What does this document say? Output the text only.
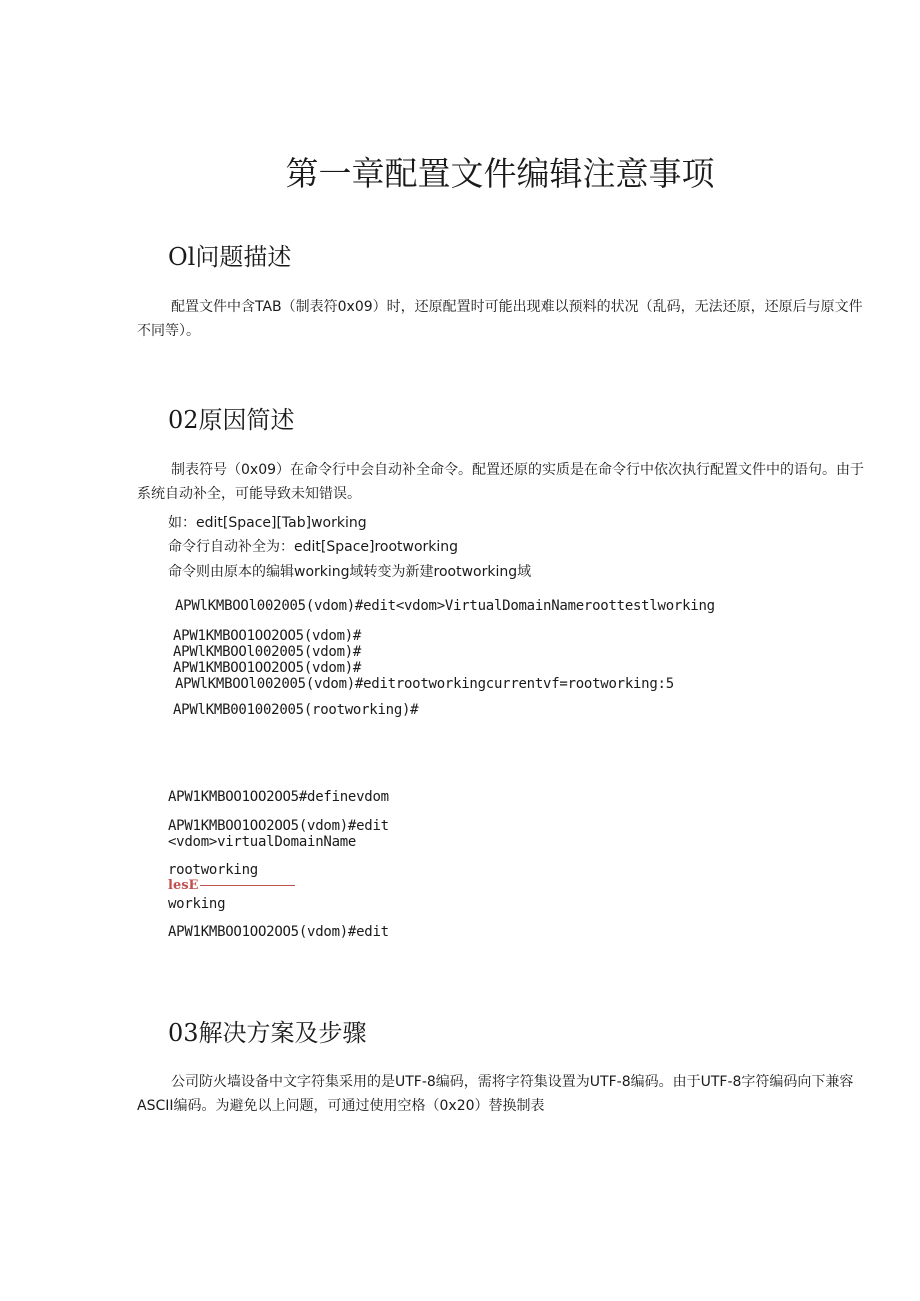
第一章配置文件编辑注意事项
Ol问题描述
配置文件中含TAB（制表符0x09）时，还原配置时可能出现难以预料的状况（乱码，无法还原，还原后与原文件不同等）。
02原因简述
制表符号（0x09）在命令行中会自动补全命令。配置还原的实质是在命令行中依次执行配置文件中的语句。由于系统自动补全，可能导致未知错误。
如：edit[Space][Tab]working
命令行自动补全为：edit[Space]rootworking
命令则由原本的编辑working域转变为新建rootworking域
APWlKMBOOl002005(vdom)#edit<vdom>VirtualDomainNameroottestlworking
APW1KMBOO1OO2OO5(vdom)#
APWlKMBOOl002005(vdom)#
APW1KMBOO1OO2OO5(vdom)#
APWlKMBOOl002005(vdom)#editrootworkingcurrentvf=rootworking:5
APWlKMB001002005(rootworking)#
APW1KMBOO1OO2OO5#definevdom
APW1KMBOO1OO2OO5(vdom)#edit
<vdom>virtualDomainName
rootworking
lesE
working
APW1KMBOO1OO2OO5(vdom)#edit
03解决方案及步骤
公司防火墙设备中文字符集采用的是UTF-8编码，需将字符集设置为UTF-8编码。由于UTF-8字符编码向下兼容ASCII编码。为避免以上问题，可通过使用空格（0x20）替换制表
